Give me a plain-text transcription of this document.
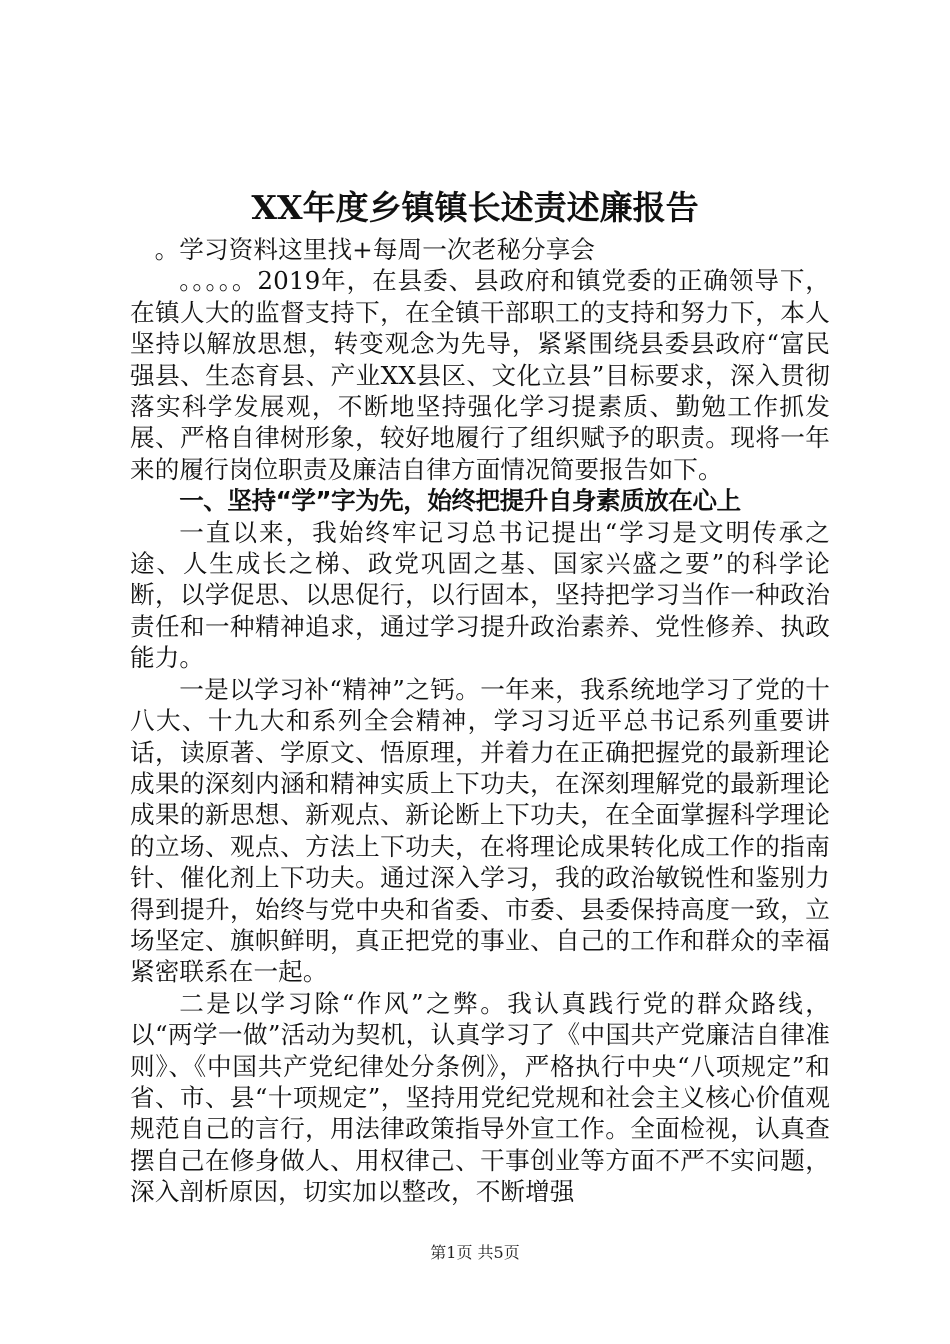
XX年度乡镇镇长述责述廉报告

。学习资料这里找+每周一次老秘分享会

。。。。。2019年，在县委、县政府和镇党委的正确领导下，在镇人大的监督支持下，在全镇干部职工的支持和努力下，本人坚持以解放思想，转变观念为先导，紧紧围绕县委县政府“富民强县、生态育县、产业XX县区、文化立县”目标要求，深入贯彻落实科学发展观，不断地坚持强化学习提素质、勤勉工作抓发展、严格自律树形象，较好地履行了组织赋予的职责。现将一年来的履行岗位职责及廉洁自律方面情况简要报告如下。

一、坚持“学”字为先，始终把提升自身素质放在心上

一直以来，我始终牢记习总书记提出“学习是文明传承之途、人生成长之梯、政党巩固之基、国家兴盛之要”的科学论断，以学促思、以思促行，以行固本，坚持把学习当作一种政治责任和一种精神追求，通过学习提升政治素养、党性修养、执政能力。

一是以学习补“精神”之钙。一年来，我系统地学习了党的十八大、十九大和系列全会精神，学习习近平总书记系列重要讲话，读原著、学原文、悟原理，并着力在正确把握党的最新理论成果的深刻内涵和精神实质上下功夫，在深刻理解党的最新理论成果的新思想、新观点、新论断上下功夫，在全面掌握科学理论的立场、观点、方法上下功夫，在将理论成果转化成工作的指南针、催化剂上下功夫。通过深入学习，我的政治敏锐性和鉴别力得到提升，始终与党中央和省委、市委、县委保持高度一致，立场坚定、旗帜鲜明，真正把党的事业、自己的工作和群众的幸福紧密联系在一起。

二是以学习除“作风”之弊。我认真践行党的群众路线，以“两学一做”活动为契机，认真学习了《中国共产党廉洁自律准则》、《中国共产党纪律处分条例》，严格执行中央“八项规定”和省、市、县“十项规定”，坚持用党纪党规和社会主义核心价值观规范自己的言行，用法律政策指导外宣工作。全面检视，认真查摆自己在修身做人、用权律己、干事创业等方面不严不实问题，深入剖析原因，切实加以整改，不断增强

第1页 共5页
